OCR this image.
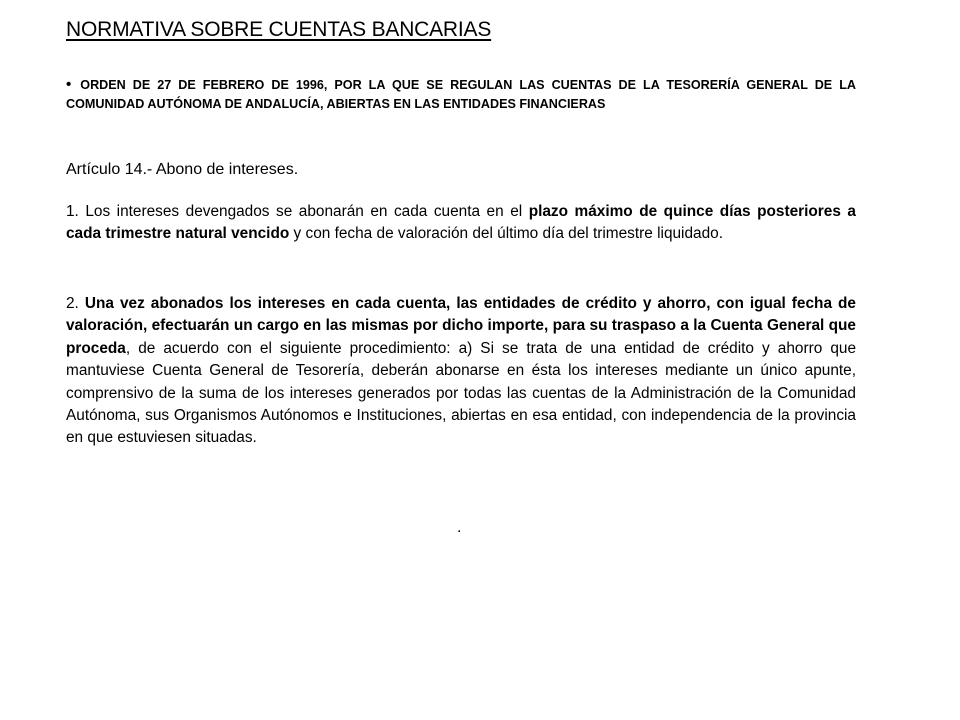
NORMATIVA SOBRE CUENTAS BANCARIAS
• ORDEN DE 27 DE FEBRERO DE 1996, POR LA QUE SE REGULAN LAS CUENTAS DE LA TESORERÍA GENERAL DE LA COMUNIDAD AUTÓNOMA DE ANDALUCÍA, ABIERTAS EN LAS ENTIDADES FINANCIERAS
Artículo 14.- Abono de intereses.
1. Los intereses devengados se abonarán en cada cuenta en el plazo máximo de quince días posteriores a cada trimestre natural vencido y con fecha de valoración del último día del trimestre liquidado.
2. Una vez abonados los intereses en cada cuenta, las entidades de crédito y ahorro, con igual fecha de valoración, efectuarán un cargo en las mismas por dicho importe, para su traspaso a la Cuenta General que proceda, de acuerdo con el siguiente procedimiento: a) Si se trata de una entidad de crédito y ahorro que mantuviese Cuenta General de Tesorería, deberán abonarse en ésta los intereses mediante un único apunte, comprensivo de la suma de los intereses generados por todas las cuentas de la Administración de la Comunidad Autónoma, sus Organismos Autónomos e Instituciones, abiertas en esa entidad, con independencia de la provincia en que estuviesen situadas.
.
